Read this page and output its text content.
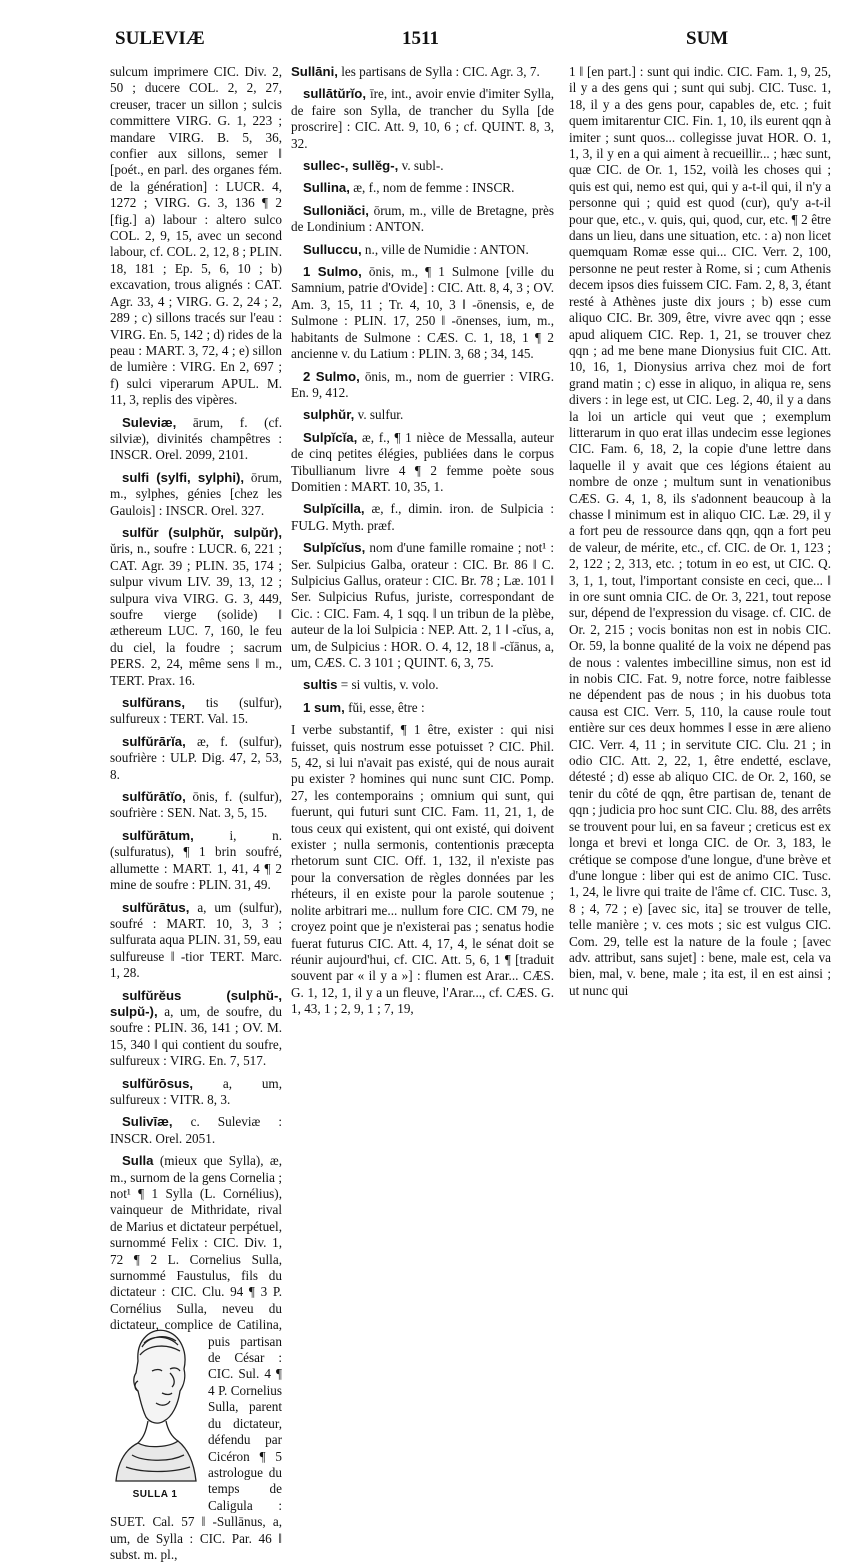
SULEVIÆ	1511	SUM

sulcum imprimere CIC. Div. 2, 50 ; ducere COL. 2, 2, 27, creuser, tracer un sillon ; sulcis committere VIRG. G. 1, 223 ; mandare VIRG. B. 5, 36, confier aux sillons, semer ‖ [poét., en parl. des organes fém. de la génération] : LUCR. 4, 1272 ; VIRG. G. 3, 136 ¶ 2 [fig.] a) labour : altero sulco COL. 2, 9, 15, avec un second labour, cf. COL. 2, 12, 8 ; PLIN. 18, 181 ; Ep. 5, 6, 10 ; b) excavation, trous alignés : CAT. Agr. 33, 4 ; VIRG. G. 2, 24 ; 2, 289 ; c) sillons tracés sur l'eau : VIRG. En. 5, 142 ; d) rides de la peau : MART. 3, 72, 4 ; e) sillon de lumière : VIRG. En 2, 697 ; f) sulci viperarum APUL. M. 11, 3, replis des vipères.

Suleviæ, ārum, f. (cf. silviæ), divinités champêtres : INSCR. Orel. 2099, 2101.

sulfi (sylfi, sylphi), ōrum, m., sylphes, génies [chez les Gaulois] : INSCR. Orel. 327.

sulfŭr (sulphŭr, sulpŭr), ŭris, n., soufre : LUCR. 6, 221 ; CAT. Agr. 39 ; PLIN. 35, 174 ; sulpur vivum LIV. 39, 13, 12 ; sulpura viva VIRG. G. 3, 449, soufre vierge (solide) ‖ æthereum LUC. 7, 160, le feu du ciel, la foudre ; sacrum PERS. 2, 24, même sens ‖ m., TERT. Prax. 16.

sulfŭrans, tis (sulfur), sulfureux : TERT. Val. 15.

sulfŭrārĭa, æ, f. (sulfur), soufrière : ULP. Dig. 47, 2, 53, 8.

sulfŭrātĭo, ōnis, f. (sulfur), soufrière : SEN. Nat. 3, 5, 15.

sulfŭrātum, i, n. (sulfuratus), ¶ 1 brin soufré, allumette : MART. 1, 41, 4 ¶ 2 mine de soufre : PLIN. 31, 49.

sulfŭrātus, a, um (sulfur), soufré : MART. 10, 3, 3 ; sulfurata aqua PLIN. 31, 59, eau sulfureuse ‖ -tior TERT. Marc. 1, 28.

sulfŭrĕus (sulphŭ-, sulpŭ-), a, um, de soufre, du soufre : PLIN. 36, 141 ; OV. M. 15, 340 ‖ qui contient du soufre, sulfureux : VIRG. En. 7, 517.

sulfŭrōsus, a, um, sulfureux : VITR. 8, 3.

Sulivīæ, c. Suleviæ : INSCR. Orel. 2051.

Sulla (mieux que Sylla), æ, m., surnom de la gens Cornelia ; not¹ ¶ 1 Sylla (L. Cornélius), vainqueur de Mithridate, rival de Marius et dictateur perpétuel, surnommé Felix : CIC. Div. 1, 72 ¶ 2 L. Cornelius Sulla, surnommé Faustulus, fils du dictateur : CIC. Clu. 94 ¶ 3 P. Cornélius Sulla, neveu du dictateur,
SULLA 1
complice de Catilina, puis partisan de César : CIC. Sul. 4 ¶ 4 P. Cornelius Sulla, parent du dictateur, défendu par Cicéron ¶ 5 astrologue du temps de Caligula : SUET. Cal. 57 ‖ -Sullānus, a, um, de Sylla : CIC. Par. 46 ‖ subst. m. pl.,

Sullāni, les partisans de Sylla : CIC. Agr. 3, 7.

sullātŭrĭo, īre, int., avoir envie d'imiter Sylla, de faire son Sylla, de trancher du Sylla [de proscrire] : CIC. Att. 9, 10, 6 ; cf. QUINT. 8, 3, 32.

sullec-, sullĕg-, v. subl-.

Sullina, æ, f., nom de femme : INSCR.

Sulloniăci, ōrum, m., ville de Bretagne, près de Londinium : ANTON.

Sulluccu, n., ville de Numidie : ANTON.

1 Sulmo, ōnis, m., ¶ 1 Sulmone [ville du Samnium, patrie d'Ovide] : CIC. Att. 8, 4, 3 ; OV. Am. 3, 15, 11 ; Tr. 4, 10, 3 ‖ -ōnensis, e, de Sulmone : PLIN. 17, 250 ‖ -ōnenses, ium, m., habitants de Sulmone : CÆS. C. 1, 18, 1 ¶ 2 ancienne v. du Latium : PLIN. 3, 68 ; 34, 145.

2 Sulmo, ōnis, m., nom de guerrier : VIRG. En. 9, 412.

sulphŭr, v. sulfur.

Sulpĭcĭa, æ, f., ¶ 1 nièce de Messalla, auteur de cinq petites élégies, publiées dans le corpus Tibullianum livre 4 ¶ 2 femme poète sous Domitien : MART. 10, 35, 1.

Sulpĭcilla, æ, f., dimin. iron. de Sulpicia : FULG. Myth. præf.

Sulpĭcĭus, nom d'une famille romaine ; not¹ : Ser. Sulpicius Galba, orateur : CIC. Br. 86 ‖ C. Sulpicius Gallus, orateur : CIC. Br. 78 ; Læ. 101 ‖ Ser. Sulpicius Rufus, juriste, correspondant de Cic. : CIC. Fam. 4, 1 sqq. ‖ un tribun de la plèbe, auteur de la loi Sulpicia : NEP. Att. 2, 1 ‖ -cĭus, a, um, de Sulpicius : HOR. O. 4, 12, 18 ‖ -cĭānus, a, um, CÆS. C. 3 101 ; QUINT. 6, 3, 75.

sultis = si vultis, v. volo.

1 sum, fŭi, esse, être :

I verbe substantif, ¶ 1 être, exister : qui nisi fuisset, quis nostrum esse potuisset ? CIC. Phil. 5, 42, si lui n'avait pas existé, qui de nous aurait pu exister ? homines qui nunc sunt CIC. Pomp. 27, les contemporains ; omnium qui sunt, qui fuerunt, qui futuri sunt CIC. Fam. 11, 21, 1, de tous ceux qui existent, qui ont existé, qui doivent exister ; nulla sermonis, contentionis præcepta rhetorum sunt CIC. Off. 1, 132, il n'existe pas pour la conversation de règles données par les rhéteurs, il en existe pour la parole soutenue ; nolite arbitrari me... nullum fore CIC. CM 79, ne croyez point que je n'existerai pas ; senatus hodie fuerat futurus CIC. Att. 4, 17, 4, le sénat doit se réunir aujourd'hui, cf. CIC. Att. 5, 6, 1 ¶ [traduit souvent par « il y a »] : flumen est Arar... CÆS. G. 1, 12, 1, il y a un fleuve, l'Arar..., cf. CÆS. G. 1, 43, 1 ; 2, 9, 1 ; 7, 19,

1 ‖ [en part.] : sunt qui indic. CIC. Fam. 1, 9, 25, il y a des gens qui ; sunt qui subj. CIC. Tusc. 1, 18, il y a des gens pour, capables de, etc. ; fuit quem imitarentur CIC. Fin. 1, 10, ils eurent qqn à imiter ; sunt quos... collegisse juvat HOR. O. 1, 1, 3, il y en a qui aiment à recueillir... ; hæc sunt, quæ CIC. de Or. 1, 152, voilà les choses qui ; quis est qui, nemo est qui, qui y a-t-il qui, il n'y a personne qui ; quid est quod (cur), qu'y a-t-il pour que, etc., v. quis, qui, quod, cur, etc. ¶ 2 être dans un lieu, dans une situation, etc. : a) non licet quemquam Romæ esse qui... CIC. Verr. 2, 100, personne ne peut rester à Rome, si ; cum Athenis decem ipsos dies fuissem CIC. Fam. 2, 8, 3, étant resté à Athènes juste dix jours ; b) esse cum aliquo CIC. Br. 309, être, vivre avec qqn ; esse apud aliquem CIC. Rep. 1, 21, se trouver chez qqn ; ad me bene mane Dionysius fuit CIC. Att. 10, 16, 1, Dionysius arriva chez moi de fort grand matin ; c) esse in aliquo, in aliqua re, sens divers : in lege est, ut CIC. Leg. 2, 40, il y a dans la loi un article qui veut que ; exemplum litterarum in quo erat illas undecim esse legiones CIC. Fam. 6, 18, 2, la copie d'une lettre dans laquelle il y avait que ces légions étaient au nombre de onze ; multum sunt in venationibus CÆS. G. 4, 1, 8, ils s'adonnent beaucoup à la chasse ‖ minimum est in aliquo CIC. Læ. 29, il y a fort peu de ressource dans qqn, qqn a fort peu de valeur, de mérite, etc., cf. CIC. de Or. 1, 123 ; 2, 122 ; 2, 313, etc. ; totum in eo est, ut CIC. Q. 3, 1, 1, tout, l'important consiste en ceci, que... ‖ in ore sunt omnia CIC. de Or. 3, 221, tout repose sur, dépend de l'expression du visage. cf. CIC. de Or. 2, 215 ; vocis bonitas non est in nobis CIC. Or. 59, la bonne qualité de la voix ne dépend pas de nous : valentes imbecilline simus, non est id in nobis CIC. Fat. 9, notre force, notre faiblesse ne dépendent pas de nous ; in his duobus tota causa est CIC. Verr. 5, 110, la cause roule tout entière sur ces deux hommes ‖ esse in ære alieno CIC. Verr. 4, 11 ; in servitute CIC. Clu. 21 ; in odio CIC. Att. 2, 22, 1, être endetté, esclave, détesté ; d) esse ab aliquo CIC. de Or. 2, 160, se tenir du côté de qqn, être partisan de, tenant de qqn ; judicia pro hoc sunt CIC. Clu. 88, des arrêts se trouvent pour lui, en sa faveur ; creticus est ex longa et brevi et longa CIC. de Or. 3, 183, le crétique se compose d'une longue, d'une brève et d'une longue : liber qui est de animo CIC. Tusc. 1, 24, le livre qui traite de l'âme cf. CIC. Tusc. 3, 8 ; 4, 72 ; e) [avec sic, ita] se trouver de telle, telle manière ; v. ces mots ; sic est vulgus CIC. Com. 29, telle est la nature de la foule ; [avec adv. attribut, sans sujet] : bene, male est, cela va bien, mal, v. bene, male ; ita est, il en est ainsi ; ut nunc qui
